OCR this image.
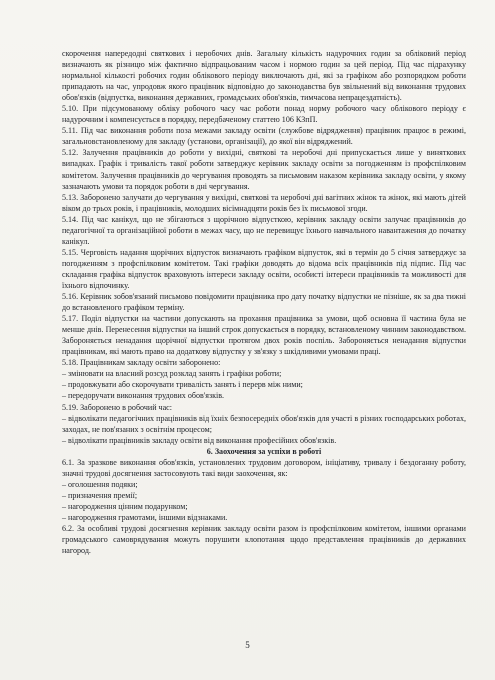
скорочення напередодні святкових і неробочих днів. Загальну кількість надурочних годин за обліковий період визначають як різницю між фактично відпрацьованим часом і нормою годин за цей період. Під час підрахунку нормальної кількості робочих годин облікового періоду виключають дні, які за графіком або розпорядком роботи припадають на час, упродовж якого працівник відповідно до законодавства був звільнений від виконання трудових обов'язків (відпустка, виконання державних, громадських обов'язків, тимчасова непрацездатність).

5.10. При підсумованому обліку робочого часу час роботи понад норму робочого часу облікового періоду є надурочним і компенсується в порядку, передбаченому статтею 106 КЗпП.

5.11. Під час виконання роботи поза межами закладу освіти (службове відрядження) працівник працює в режимі, загальновстановленому для закладу (установи, організації), до якої він відряджений.

5.12. Залучення працівників до роботи у вихідні, святкові та неробочі дні припускається лише у виняткових випадках. Графік і тривалість такої роботи затверджує керівник закладу освіти за погодженням із профспілковим комітетом. Залучення працівників до чергування проводять за письмовим наказом керівника закладу освіти, у якому зазначають умови та порядок роботи в дні чергування.

5.13. Заборонено залучати до чергування у вихідні, святкові та неробочі дні вагітних жінок та жінок, які мають дітей віком до трьох років, і працівників, молодших вісімнадцяти років без їх письмової згоди.

5.14. Під час канікул, що не збігаються з щорічною відпусткою, керівник закладу освіти залучає працівників до педагогічної та організаційної роботи в межах часу, що не перевищує їхнього навчального навантаження до початку канікул.

5.15. Черговість надання щорічних відпусток визначають графіком відпусток, які в термін до 5 січня затверджує за погодженням з профспілковим комітетом. Такі графіки доводять до відома всіх працівників під підпис. Під час складання графіка відпусток враховують інтереси закладу освіти, особисті інтереси працівників та можливості для їхнього відпочинку.

5.16. Керівник зобов'язаний письмово повідомити працівника про дату початку відпустки не пізніше, як за два тижні до встановленого графіком терміну.

5.17. Поділ відпустки на частини допускають на прохання працівника за умови, щоб основна її частина була не менше днів. Перенесення відпустки на інший строк допускається в порядку, встановленому чинним законодавством. Забороняється ненадання щорічної відпустки протягом двох років поспіль. Забороняється ненадання відпустки працівникам, які мають право на додаткову відпустку у зв'язку з шкідливими умовами праці.

5.18. Працівникам закладу освіти заборонено:

– змінювати на власний розсуд розклад занять і графіки роботи;

– продовжувати або скорочувати тривалість занять і перерв між ними;

– передоручати виконання трудових обов'язків.

5.19. Заборонено в робочий час:

– відволікати педагогічних працівників від їхніх безпосередніх обов'язків для участі в різних господарських роботах, заходах, не пов'язаних з освітнім процесом;

– відволікати працівників закладу освіти від виконання професійних обов'язків.

6. Заохочення за успіхи в роботі

6.1. За зразкове виконання обов'язків, установлених трудовим договором, ініціативу, тривалу і бездоганну роботу, значні трудові досягнення застосовують такі види заохочення, як:

– оголошення подяки;

– призначення премії;

– нагородження цінним подарунком;

– нагородження грамотами, іншими відзнаками.

6.2. За особливі трудові досягнення керівник закладу освіти разом із профспілковим комітетом, іншими органами громадського самоврядування можуть порушити клопотання щодо представлення працівників до державних нагород.

5
